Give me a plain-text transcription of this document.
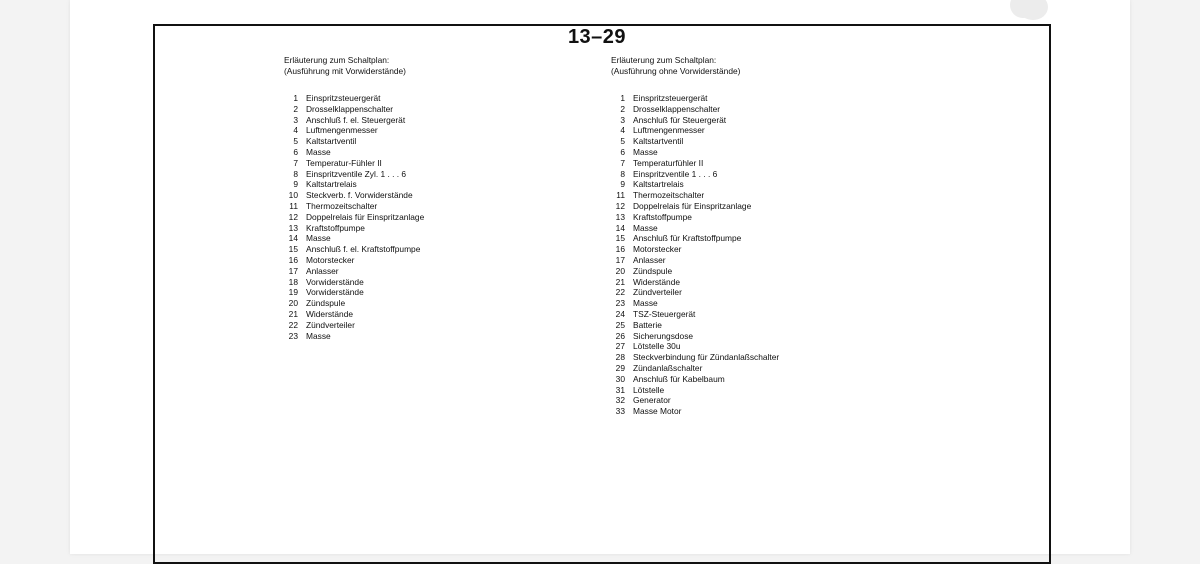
13–29
Erläuterung zum Schaltplan:
(Ausführung mit Vorwiderstände)
1 Einspritzsteuergerät
2 Drosselklappenschalter
3 Anschluß f. el. Steuergerät
4 Luftmengenmesser
5 Kaltstartventil
6 Masse
7 Temperatur-Fühler II
8 Einspritzventile Zyl. 1 . . . 6
9 Kaltstartrelais
10 Steckverb. f. Vorwiderstände
11 Thermozeitschalter
12 Doppelrelais für Einspritzanlage
13 Kraftstoffpumpe
14 Masse
15 Anschluß f. el. Kraftstoffpumpe
16 Motorstecker
17 Anlasser
18 Vorwiderstände
19 Vorwiderstände
20 Zündspule
21 Widerstände
22 Zündverteiler
23 Masse
Erläuterung zum Schaltplan:
(Ausführung ohne Vorwiderstände)
1 Einspritzsteuergerät
2 Drosselklappenschalter
3 Anschluß für Steuergerät
4 Luftmengenmesser
5 Kaltstartventil
6 Masse
7 Temperaturfühler II
8 Einspritzventile 1 . . . 6
9 Kaltstartrelais
11 Thermozeitschalter
12 Doppelrelais für Einspritzanlage
13 Kraftstoffpumpe
14 Masse
15 Anschluß für Kraftstoffpumpe
16 Motorstecker
17 Anlasser
20 Zündspule
21 Widerstände
22 Zündverteiler
23 Masse
24 TSZ-Steuergerät
25 Batterie
26 Sicherungsdose
27 Lötstelle 30u
28 Steckverbindung für Zündanlaßschalter
29 Zündanlaßschalter
30 Anschluß für Kabelbaum
31 Lötstelle
32 Generator
33 Masse Motor
